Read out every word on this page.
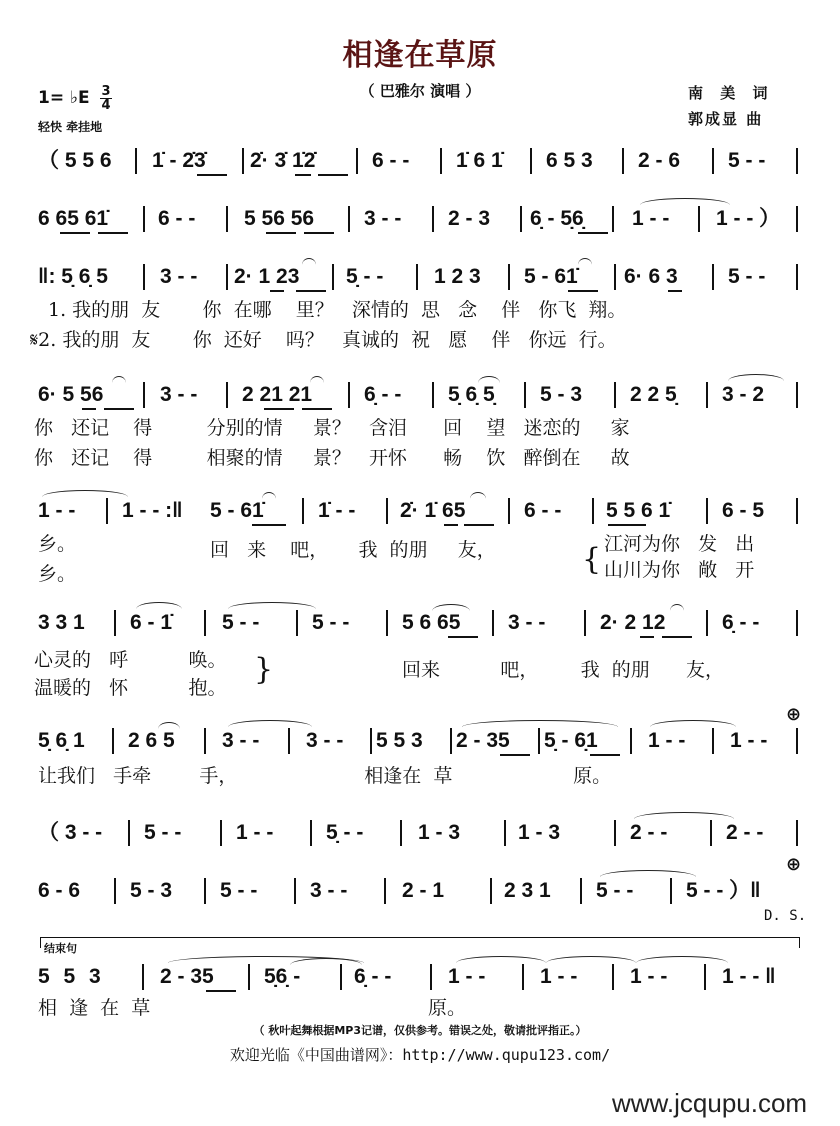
相逢在草原
（ 巴雅尔 演唱 ）
1= ♭E 3
4
轻快 牵挂地
南 美 词
郭成显 曲
（ 5 5 6 1̇ - 2̇3̇ 2̇· 3̇ 1̇2̇	6 - - 1̇ 6 1̇ 6 5 3 2 - 6 5 - -
6 65 61̇ 6 - - 5 56 56 3 - - 2 - 3 6̣ - 5̣6̣ 1 - - 1 - - ）
‖: 5̣ 6̣ 5 3 - - 2· 1 23 5̣ - - 1 2 3 5 - 61̇ 6· 6 3 5 - -
1. 我的朋  友       你  在哪    里？   深情的  思   念    伴   你飞  翔。
𝄋2. 我的朋  友       你  还好    吗？   真诚的  祝   愿    伴   你远  行。
6· 5 56	3 - - 2 21 21 6̣ - - 5̣ 6̣ 5̣ 5 - 3 2 2 5̣ 3 - 2
你   还记    得         分别的情     景？   含泪      回    望   迷恋的     家
你   还记    得         相聚的情     景？   开怀      畅    饮   醉倒在     故
1 - - 1 - - :‖ 5 - 61̇	1̇ - - 2̇· 1̇ 65	6 - - 5 5 6 1̇ 6 - 5
乡。
乡。
回   来    吧，     我  的朋     友，	{ 江河为你   发   出
山川为你   敞   开
3 3 1 6 - 1̇ 5 - -	5 - -	5 6 65 3 - -	2· 2 12	6̣ - -
心灵的   呼          唤。
温暖的   怀          抱。
}	回来          吧，       我  的朋      友，
5̣ 6̣ 1 2 6 5 3 - - 3 - - 5 5 3 2 - 35 5̣ - 6̣1 1 - - 1 - -
⊕
让我们   手牵        手，                     相逢在  草                    原。
（ 3 - - 5 - -	1 - -	5̣ - -	1 - 3	1 - 3	2 - -	2 - -
6 - 6 5 - 3 5 - -	3 - -	2 - 1	2 3 1 5 - -	5 - - ）‖
⊕
D. S.
结束句
5 5 3	2 - 35 5̣6̣ -	6̣ - -	1 - -	1 - -	1 - -	1 - - ‖
相  逢  在  草                                              原。
（ 秋叶起舞根据MP3记谱，仅供参考。错误之处，敬请批评指正。）
欢迎光临《中国曲谱网》：http://www.qupu123.com/
www.jcqupu.com
